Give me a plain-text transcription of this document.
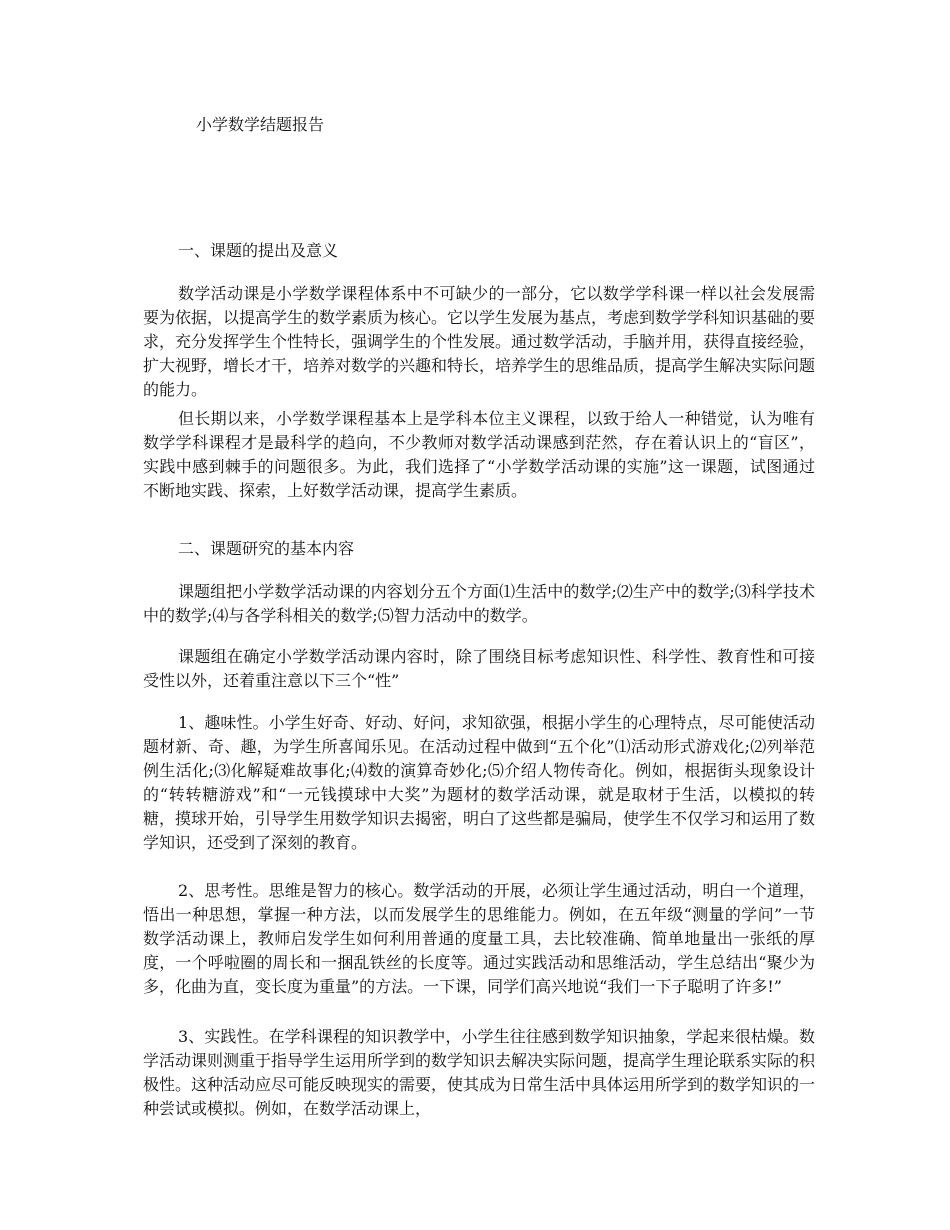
小学数学结题报告
一、课题的提出及意义

数学活动课是小学数学课程体系中不可缺少的一部分，它以数学学科课一样以社会发展需要为依据，以提高学生的数学素质为核心。它以学生发展为基点，考虑到数学学科知识基础的要求，充分发挥学生个性特长，强调学生的个性发展。通过数学活动，手脑并用，获得直接经验，扩大视野，增长才干，培养对数学的兴趣和特长，培养学生的思维品质，提高学生解决实际问题的能力。

但长期以来，小学数学课程基本上是学科本位主义课程，以致于给人一种错觉，认为唯有数学学科课程才是最科学的趋向，不少教师对数学活动课感到茫然，存在着认识上的“盲区”，实践中感到棘手的问题很多。为此，我们选择了“小学数学活动课的实施”这一课题，试图通过不断地实践、探索，上好数学活动课，提高学生素质。

二、课题研究的基本内容

课题组把小学数学活动课的内容划分五个方面⑴生活中的数学;⑵生产中的数学;⑶科学技术中的数学;⑷与各学科相关的数学;⑸智力活动中的数学。

课题组在确定小学数学活动课内容时，除了围绕目标考虑知识性、科学性、教育性和可接受性以外，还着重注意以下三个“性”

1、趣味性。小学生好奇、好动、好问，求知欲强，根据小学生的心理特点，尽可能使活动题材新、奇、趣，为学生所喜闻乐见。在活动过程中做到“五个化”⑴活动形式游戏化;⑵列举范例生活化;⑶化解疑难故事化;⑷数的演算奇妙化;⑸介绍人物传奇化。例如，根据街头现象设计的“转转糖游戏”和“一元钱摸球中大奖”为题材的数学活动课，就是取材于生活，以模拟的转糖，摸球开始，引导学生用数学知识去揭密，明白了这些都是骗局，使学生不仅学习和运用了数学知识，还受到了深刻的教育。

2、思考性。思维是智力的核心。数学活动的开展，必须让学生通过活动，明白一个道理，悟出一种思想，掌握一种方法，以而发展学生的思维能力。例如，在五年级“测量的学问”一节数学活动课上，教师启发学生如何利用普通的度量工具，去比较准确、简单地量出一张纸的厚度，一个呼啦圈的周长和一捆乱铁丝的长度等。通过实践活动和思维活动，学生总结出“聚少为多，化曲为直，变长度为重量”的方法。一下课，同学们高兴地说“我们一下子聪明了许多!”

3、实践性。在学科课程的知识教学中，小学生往往感到数学知识抽象，学起来很枯燥。数学活动课则测重于指导学生运用所学到的数学知识去解决实际问题，提高学生理论联系实际的积极性。这种活动应尽可能反映现实的需要，使其成为日常生活中具体运用所学到的数学知识的一种尝试或模拟。例如，在数学活动课上，
